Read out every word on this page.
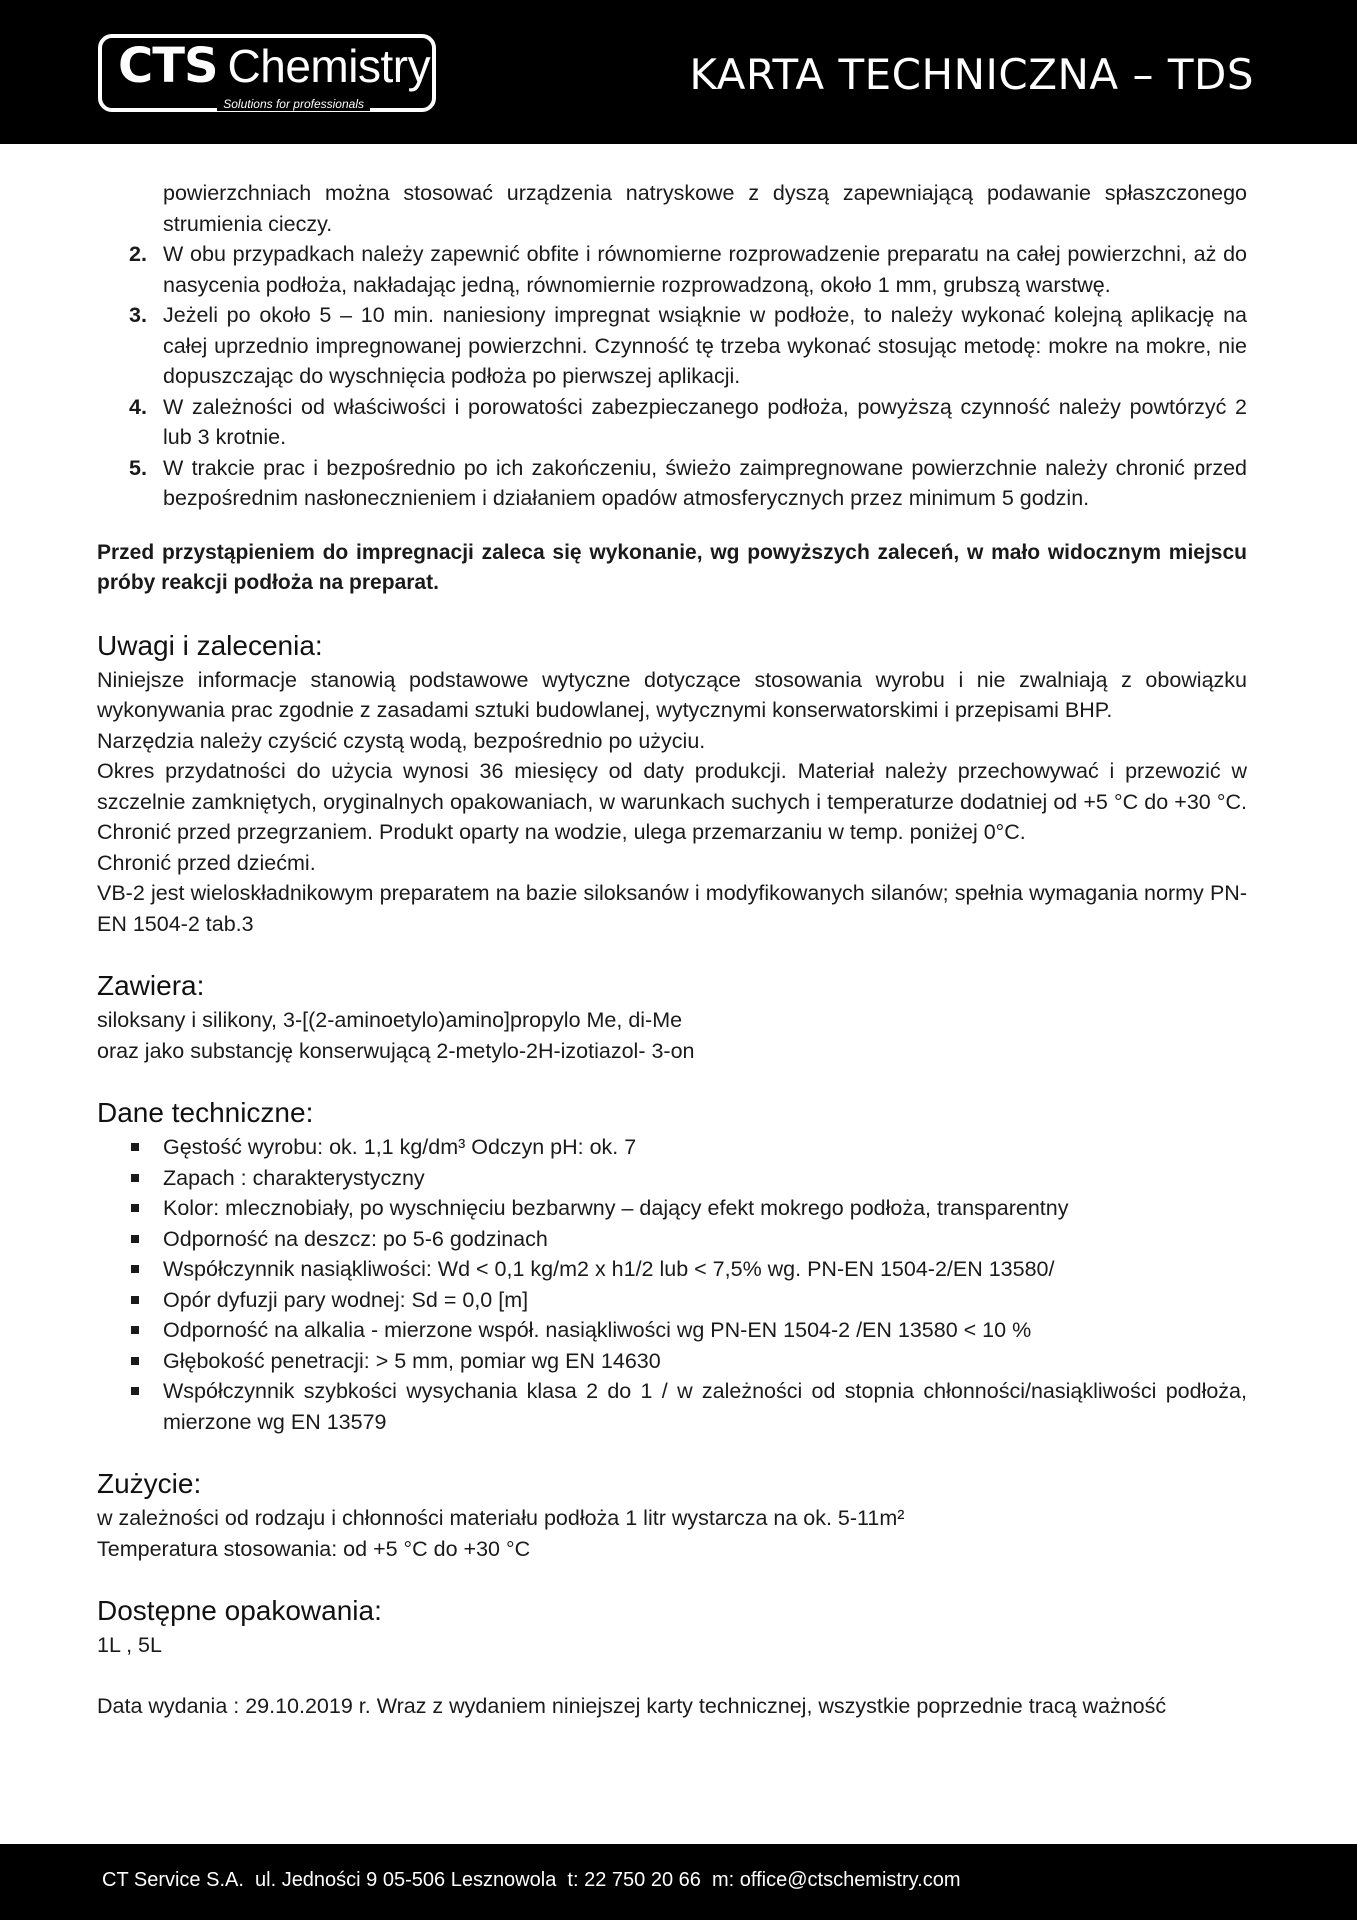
CTS Chemistry
Solutions for professionals
KARTA TECHNICZNA – TDS
powierzchniach można stosować urządzenia natryskowe z dyszą zapewniającą podawanie spłaszczonego strumienia cieczy.
2. W obu przypadkach należy zapewnić obfite i równomierne rozprowadzenie preparatu na całej powierzchni, aż do nasycenia podłoża, nakładając jedną, równomiernie rozprowadzoną, około 1 mm, grubszą warstwę.
3. Jeżeli po około 5 – 10 min. naniesiony impregnat wsiąknie w podłoże, to należy wykonać kolejną aplikację na całej uprzednio impregnowanej powierzchni. Czynność tę trzeba wykonać stosując metodę: mokre na mokre, nie dopuszczając do wyschnięcia podłoża po pierwszej aplikacji.
4. W zależności od właściwości i porowatości zabezpieczanego podłoża, powyższą czynność należy powtórzyć 2 lub 3 krotnie.
5. W trakcie prac i bezpośrednio po ich zakończeniu, świeżo zaimpregnowane powierzchnie należy chronić przed bezpośrednim nasłonecznieniem i działaniem opadów atmosferycznych przez minimum 5 godzin.
Przed przystąpieniem do impregnacji zaleca się wykonanie, wg powyższych zaleceń, w mało widocznym miejscu próby reakcji podłoża na preparat.
Uwagi i zalecenia:
Niniejsze informacje stanowią podstawowe wytyczne dotyczące stosowania wyrobu i nie zwalniają z obowiązku wykonywania prac zgodnie z zasadami sztuki budowlanej, wytycznymi konserwatorskimi i przepisami BHP.
Narzędzia należy czyścić czystą wodą, bezpośrednio po użyciu.
Okres przydatności do użycia wynosi 36 miesięcy od daty produkcji. Materiał należy przechowywać i przewozić w szczelnie zamkniętych, oryginalnych opakowaniach, w warunkach suchych i temperaturze dodatniej od +5 °C do +30 °C. Chronić przed przegrzaniem. Produkt oparty na wodzie, ulega przemarzaniu w temp. poniżej 0°C.
Chronić przed dziećmi.
VB-2 jest wieloskładnikowym preparatem na bazie siloksanów i modyfikowanych silanów; spełnia wymagania normy PN-EN 1504-2 tab.3
Zawiera:
siloksany i silikony, 3-[(2-aminoetylo)amino]propylo Me, di-Me
oraz jako substancję konserwującą 2-metylo-2H-izotiazol- 3-on
Dane techniczne:
Gęstość wyrobu: ok. 1,1 kg/dm³ Odczyn pH: ok. 7
Zapach : charakterystyczny
Kolor: mlecznobiały, po wyschnięciu bezbarwny – dający efekt mokrego podłoża, transparentny
Odporność na deszcz: po 5-6 godzinach
Współczynnik nasiąkliwości: Wd < 0,1 kg/m2 x h1/2 lub < 7,5% wg. PN-EN 1504-2/EN 13580/
Opór dyfuzji pary wodnej: Sd = 0,0 [m]
Odporność na alkalia - mierzone współ. nasiąkliwości wg PN-EN 1504-2 /EN 13580 < 10 %
Głębokość penetracji: > 5 mm, pomiar wg EN 14630
Współczynnik szybkości wysychania klasa 2 do 1 / w zależności od stopnia chłonności/nasiąkliwości podłoża, mierzone wg EN 13579
Zużycie:
w zależności od rodzaju i chłonności materiału podłoża 1 litr wystarcza na ok. 5-11m²
Temperatura stosowania: od +5 °C do +30 °C
Dostępne opakowania:
1L , 5L
Data wydania : 29.10.2019 r. Wraz z wydaniem niniejszej karty technicznej, wszystkie poprzednie tracą ważność
CT Service S.A.  ul. Jedności 9 05-506 Lesznowola  t: 22 750 20 66  m: office@ctschemistry.com
